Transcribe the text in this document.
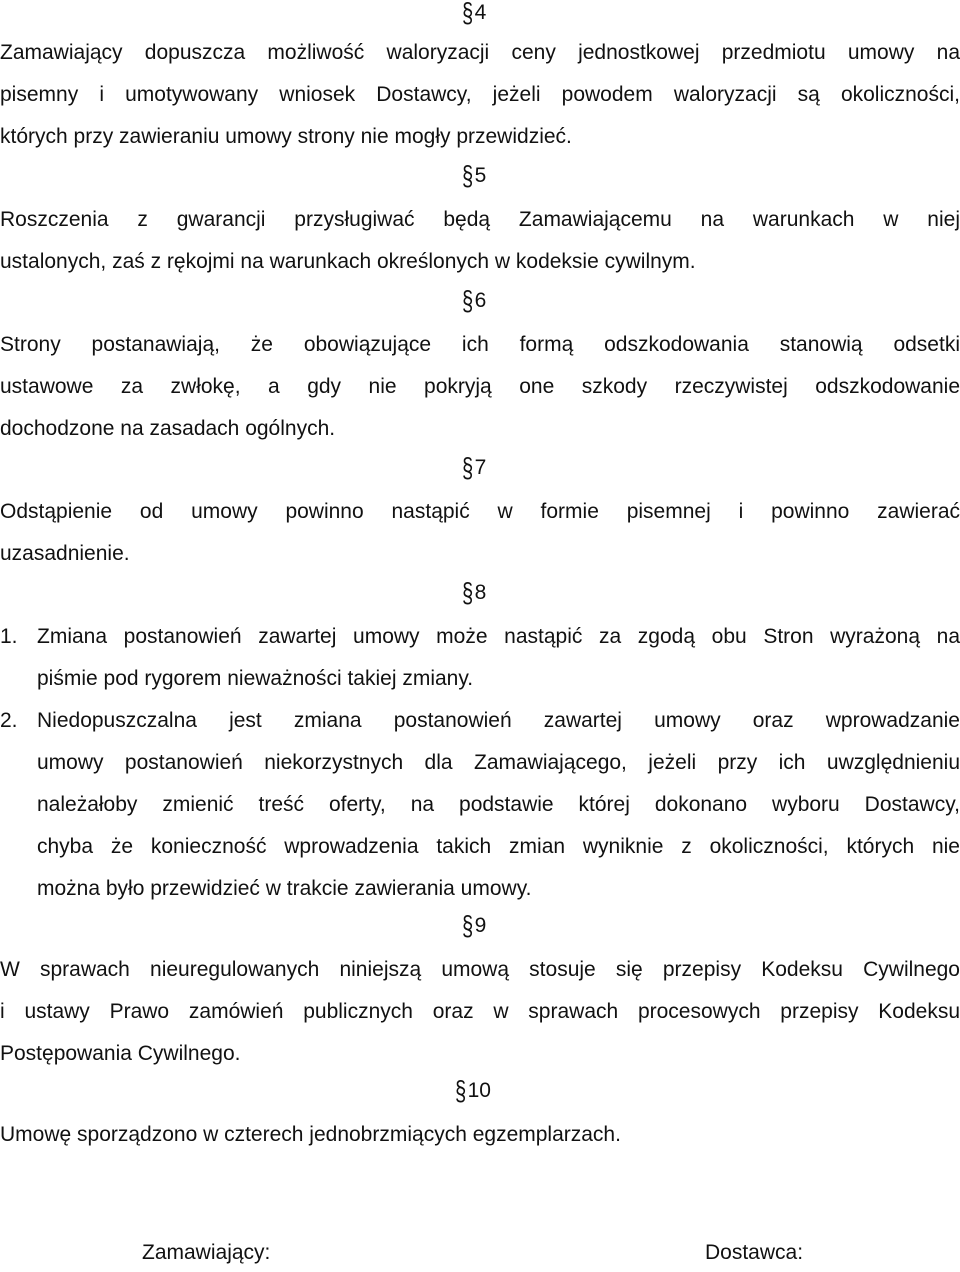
§4
Zamawiający dopuszcza możliwość waloryzacji ceny jednostkowej przedmiotu umowy na
pisemny i umotywowany wniosek Dostawcy, jeżeli powodem waloryzacji są okoliczności,
których przy zawieraniu umowy strony nie mogły przewidzieć.
§5
Roszczenia z gwarancji przysługiwać będą Zamawiającemu na warunkach w niej
ustalonych, zaś z rękojmi na warunkach określonych w kodeksie cywilnym.
§6
Strony postanawiają, że obowiązujące ich formą odszkodowania stanowią odsetki
ustawowe za zwłokę, a gdy nie pokryją one szkody rzeczywistej odszkodowanie
dochodzone na zasadach ogólnych.
§7
Odstąpienie od umowy powinno nastąpić w formie pisemnej i powinno zawierać
uzasadnienie.
§8
1. Zmiana postanowień zawartej umowy może nastąpić za zgodą obu Stron wyrażoną na
piśmie pod rygorem nieważności takiej zmiany.
2. Niedopuszczalna jest zmiana postanowień zawartej umowy oraz wprowadzanie
umowy postanowień niekorzystnych dla Zamawiającego, jeżeli przy ich uwzględnieniu
należałoby zmienić treść oferty, na podstawie której dokonano wyboru Dostawcy,
chyba że konieczność wprowadzenia takich zmian wyniknie z okoliczności, których nie
można było przewidzieć w trakcie zawierania umowy.
§9
W sprawach nieuregulowanych niniejszą umową stosuje się przepisy Kodeksu Cywilnego
i ustawy Prawo zamówień publicznych oraz w sprawach procesowych przepisy Kodeksu
Postępowania Cywilnego.
§10
Umowę sporządzono w czterech jednobrzmiących egzemplarzach.
Zamawiający:	Dostawca:
